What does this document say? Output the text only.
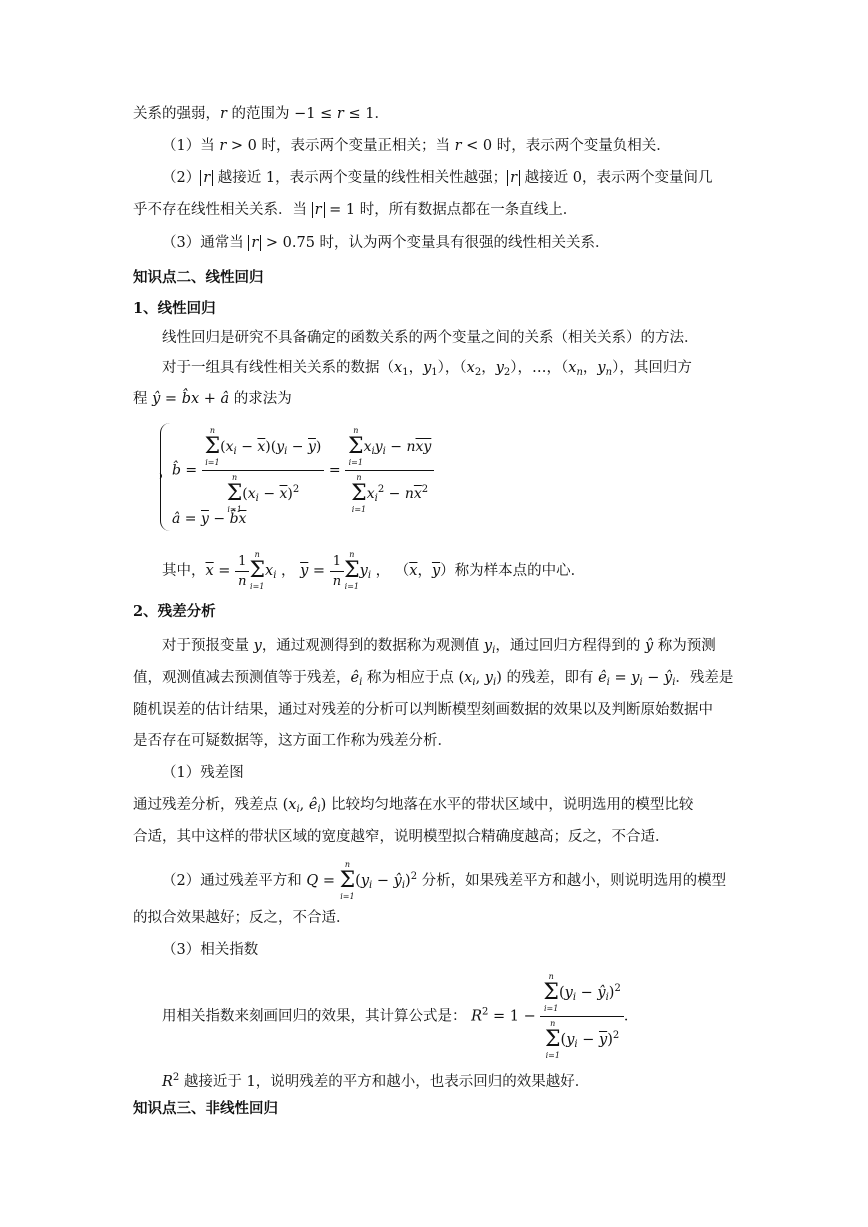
关系的强弱，r 的范围为 −1 ≤ r ≤ 1．
（1）当 r > 0 时，表示两个变量正相关；当 r < 0 时，表示两个变量负相关．
（2） r 越接近 1，表示两个变量的线性相关性越强； r 越接近 0，表示两个变量间几
乎不存在线性相关关系．当 r = 1 时，所有数据点都在一条直线上．
（3）通常当 r > 0.75 时，认为两个变量具有很强的线性相关关系．
知识点二、线性回归
1、线性回归
线性回归是研究不具备确定的函数关系的两个变量之间的关系（相关关系）的方法．
对于一组具有线性相关关系的数据（$x_1$，$y_1$），（$x_2$，$y_2$），…，（$x_n$，$y_n$），其回归方
程 ŷ = b̂x + â 的求法为
b̂ = n
Σ
i=1
$(x_i - \overline{x})(y_i - \overline{y})$
n
Σ
i=1
$(x_i - \overline{x})^2 = n$
Σ
i=1
$x_iy_i - n\overline{xy}$
n
Σ
i=1
$x_i^2 - n\overline{x}^2$
â = $\overline{y}$ − $b̂\overline{x}$
其中，$\overline{x} = \frac{1}{n}$ n
Σ
i=1
$x_i$ ， $\overline{y} = \frac{1}{n}$ n
Σ
i=1
$y_i$ ， （$\overline{x}$，$\overline{y}$）称为样本点的中心．
2、残差分析
对于预报变量 y，通过观测得到的数据称为观测值 $y_i$，通过回归方程得到的 ŷ 称为预测
值，观测值减去预测值等于残差，$ê_i$ 称为相应于点 ($x_i$, $y_i$) 的残差，即有 $ê_i = y_i$ − $ŷ_i$．残差是
随机误差的估计结果，通过对残差的分析可以判断模型刻画数据的效果以及判断原始数据中
是否存在可疑数据等，这方面工作称为残差分析．
（1）残差图
通过残差分析，残差点 ($x_i$, $ê_i$) 比较均匀地落在水平的带状区域中，说明选用的模型比较
合适，其中这样的带状区域的宽度越窄，说明模型拟合精确度越高；反之，不合适．
（2）通过残差平方和 Q =
n
Σ
i=1
($y_i$ − $ŷ_i)^2$ 分析，如果残差平方和越小，则说明选用的模型
的拟合效果越好；反之，不合适．
（3）相关指数
用相关指数来刻画回归的效果，其计算公式是： $R^2 = 1 - n$
Σ
i=1
($y_i$ − $ŷ_i)^2$
n
Σ
i=1
$(y_i - \overline{y})^2$ ．
$R^2$ 越接近于 1，说明残差的平方和越小，也表示回归的效果越好．
知识点三、非线性回归
